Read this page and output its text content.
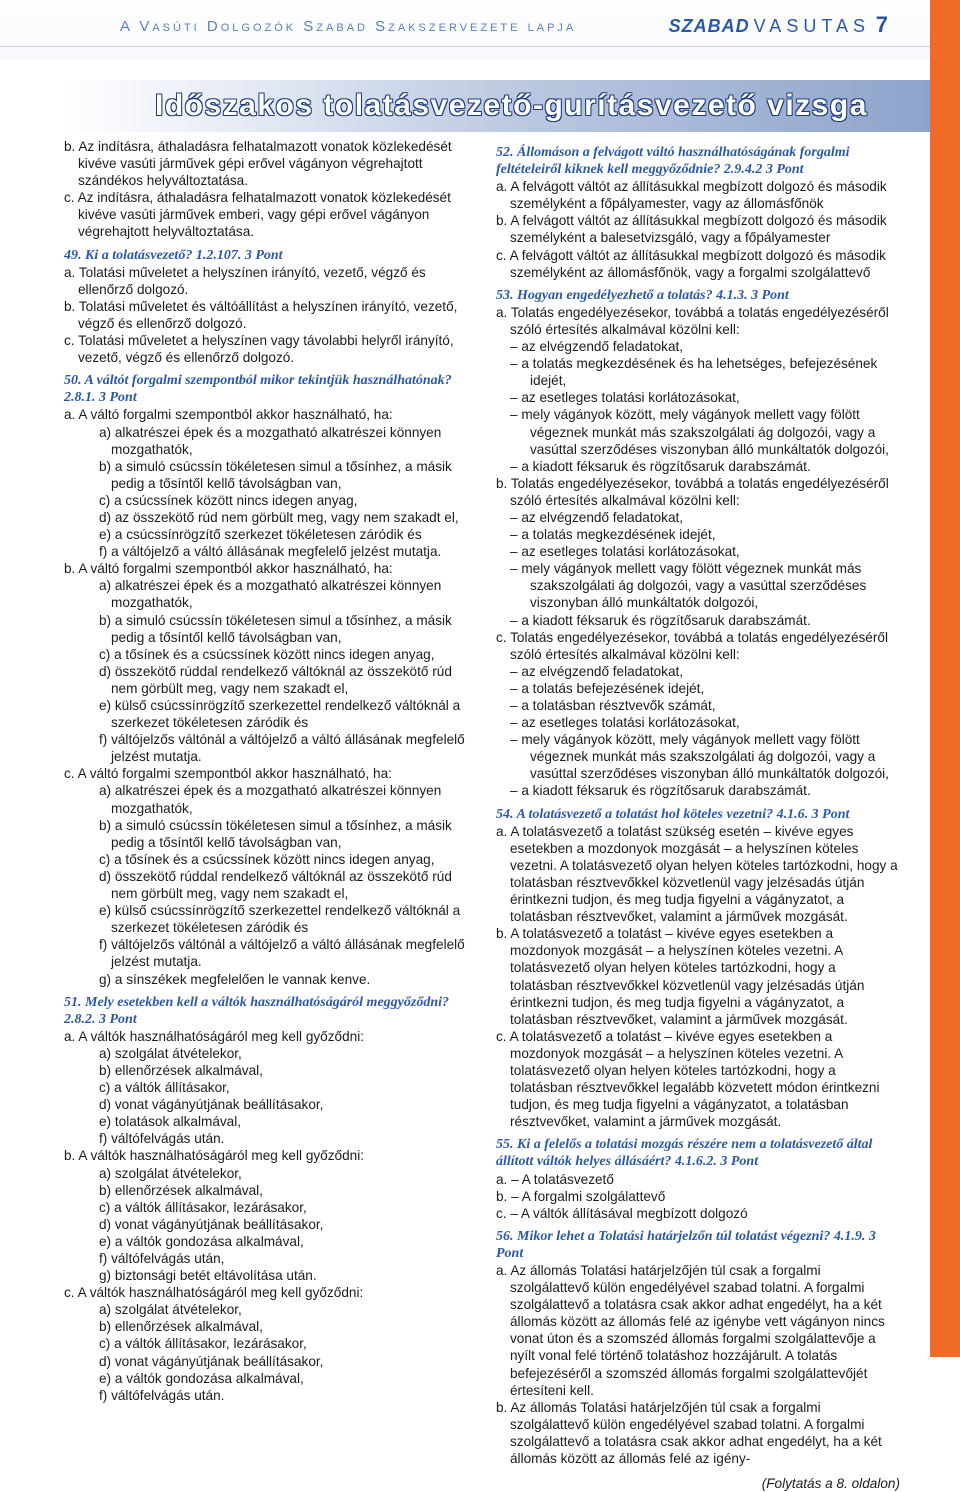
A Vasúti Dolgozók Szabad Szakszervezete lapja	SZABAD VASUTAS 7
Időszakos tolatásvezető-gurításvezető vizsga

b. Az indításra, áthaladásra felhatalmazott vonatok közlekedését kivéve vasúti járművek gépi erővel vágányon végrehajtott szándékos helyváltoztatása.

c. Az indításra, áthaladásra felhatalmazott vonatok közlekedését kivéve vasúti járművek emberi, vagy gépi erővel vágányon végrehajtott helyváltoztatása.

49. Ki a tolatásvezető? 1.2.107. 3 Pont

a. Tolatási műveletet a helyszínen irányító, vezető, végző és ellenőrző dolgozó.

b. Tolatási műveletet és váltóállítást a helyszínen irányító, vezető, végző és ellenőrző dolgozó.

c. Tolatási műveletet a helyszínen vagy távolabbi helyről irányító, vezető, végző és ellenőrző dolgozó.

50. A váltót forgalmi szempontból mikor tekintjük használhatónak? 2.8.1. 3 Pont

a. A váltó forgalmi szempontból akkor használható, ha:

a) alkatrészei épek és a mozgatható alkatrészei könnyen mozgathatók,

b) a simuló csúcssín tökéletesen simul a tősínhez, a másik pedig a tősíntől kellő távolságban van,

c) a csúcssínek között nincs idegen anyag,

d) az összekötő rúd nem görbült meg, vagy nem szakadt el,

e) a csúcssínrögzítő szerkezet tökéletesen záródik és

f) a váltójelző a váltó állásának megfelelő jelzést mutatja.

b. A váltó forgalmi szempontból akkor használható, ha:

a) alkatrészei épek és a mozgatható alkatrészei könnyen mozgathatók,

b) a simuló csúcssín tökéletesen simul a tősínhez, a másik pedig a tősíntől kellő távolságban van,

c) a tősínek és a csúcssínek között nincs idegen anyag,

d) összekötő rúddal rendelkező váltóknál az összekötő rúd nem görbült meg, vagy nem szakadt el,

e) külső csúcssínrögzítő szerkezettel rendelkező váltóknál a szerkezet tökéletesen záródik és

f) váltójelzős váltónál a váltójelző a váltó állásának megfelelő jelzést mutatja.

c. A váltó forgalmi szempontból akkor használható, ha:

a) alkatrészei épek és a mozgatható alkatrészei könnyen mozgathatók,

b) a simuló csúcssín tökéletesen simul a tősínhez, a másik pedig a tősíntől kellő távolságban van,

c) a tősínek és a csúcssínek között nincs idegen anyag,

d) összekötő rúddal rendelkező váltóknál az összekötő rúd nem görbült meg, vagy nem szakadt el,

e) külső csúcssínrögzítő szerkezettel rendelkező váltóknál a szerkezet tökéletesen záródik és

f) váltójelzős váltónál a váltójelző a váltó állásának megfelelő jelzést mutatja.

g) a sínszékek megfelelően le vannak kenve.

51. Mely esetekben kell a váltók használhatóságáról meggyőződni? 2.8.2. 3 Pont

a. A váltók használhatóságáról meg kell győződni:

a) szolgálat átvételekor,

b) ellenőrzések alkalmával,

c) a váltók állításakor,

d) vonat vágányútjának beállításakor,

e) tolatások alkalmával,

f) váltófelvágás után.

b. A váltók használhatóságáról meg kell győződni:

a) szolgálat átvételekor,

b) ellenőrzések alkalmával,

c) a váltók állításakor, lezárásakor,

d) vonat vágányútjának beállításakor,

e) a váltók gondozása alkalmával,

f) váltófelvágás után,

g) biztonsági betét eltávolítása után.

c. A váltók használhatóságáról meg kell győződni:

a) szolgálat átvételekor,

b) ellenőrzések alkalmával,

c) a váltók állításakor, lezárásakor,

d) vonat vágányútjának beállításakor,

e) a váltók gondozása alkalmával,

f) váltófelvágás után.

52. Állomáson a felvágott váltó használhatóságának forgalmi feltételeiről kiknek kell meggyőződnie? 2.9.4.2 3 Pont

a. A felvágott váltót az állításukkal megbízott dolgozó és második személyként a főpályamester, vagy az állomásfőnök

b. A felvágott váltót az állításukkal megbízott dolgozó és második személyként a balesetvizsgáló, vagy a főpályamester

c. A felvágott váltót az állításukkal megbízott dolgozó és második személyként az állomásfőnök, vagy a forgalmi szolgálattevő

53. Hogyan engedélyezhető a tolatás? 4.1.3. 3 Pont

a. Tolatás engedélyezésekor, továbbá a tolatás engedélyezéséről szóló értesítés alkalmával közölni kell:

– az elvégzendő feladatokat,

– a tolatás megkezdésének és ha lehetséges, befejezésének idejét,

– az esetleges tolatási korlátozásokat,

– mely vágányok között, mely vágányok mellett vagy fölött végeznek munkát más szakszolgálati ág dolgozói, vagy a vasúttal szerződéses viszonyban álló munkáltatók dolgozói,

– a kiadott féksaruk és rögzítősaruk darabszámát.

b. Tolatás engedélyezésekor, továbbá a tolatás engedélyezéséről szóló értesítés alkalmával közölni kell:

– az elvégzendő feladatokat,

– a tolatás megkezdésének idejét,

– az esetleges tolatási korlátozásokat,

– mely vágányok mellett vagy fölött végeznek munkát más szakszolgálati ág dolgozói, vagy a vasúttal szerződéses viszonyban álló munkáltatók dolgozói,

– a kiadott féksaruk és rögzítősaruk darabszámát.

c. Tolatás engedélyezésekor, továbbá a tolatás engedélyezéséről szóló értesítés alkalmával közölni kell:

– az elvégzendő feladatokat,

– a tolatás befejezésének idejét,

– a tolatásban résztvevők számát,

– az esetleges tolatási korlátozásokat,

– mely vágányok között, mely vágányok mellett vagy fölött végeznek munkát más szakszolgálati ág dolgozói, vagy a vasúttal szerződéses viszonyban álló munkáltatók dolgozói,

– a kiadott féksaruk és rögzítősaruk darabszámát.

54. A tolatásvezető a tolatást hol köteles vezetni? 4.1.6. 3 Pont

a. A tolatásvezető a tolatást szükség esetén – kivéve egyes esetekben a mozdonyok mozgását – a helyszínen köteles vezetni. A tolatásvezető olyan helyen köteles tartózkodni, hogy a tolatásban résztvevőkkel közvetlenül vagy jelzésadás útján érintkezni tudjon, és meg tudja figyelni a vágányzatot, a tolatásban résztvevőket, valamint a járművek mozgását.

b. A tolatásvezető a tolatást – kivéve egyes esetekben a mozdonyok mozgását – a helyszínen köteles vezetni. A tolatásvezető olyan helyen köteles tartózkodni, hogy a tolatásban résztvevőkkel közvetlenül vagy jelzésadás útján érintkezni tudjon, és meg tudja figyelni a vágányzatot, a tolatásban résztvevőket, valamint a járművek mozgását.

c. A tolatásvezető a tolatást – kivéve egyes esetekben a mozdonyok mozgását – a helyszínen köteles vezetni. A tolatásvezető olyan helyen köteles tartózkodni, hogy a tolatásban résztvevőkkel legalább közvetett módon érintkezni tudjon, és meg tudja figyelni a vágányzatot, a tolatásban résztvevőket, valamint a járművek mozgását.

55. Ki a felelős a tolatási mozgás részére nem a tolatásvezető által állított váltók helyes állásáért? 4.1.6.2. 3 Pont

a. – A tolatásvezető

b. – A forgalmi szolgálattevő

c. – A váltók állításával megbízott dolgozó

56. Mikor lehet a Tolatási határjelzőn túl tolatást végezni? 4.1.9. 3 Pont

a. Az állomás Tolatási határjelzőjén túl csak a forgalmi szolgálattevő külön engedélyével szabad tolatni. A forgalmi szolgálattevő a tolatásra csak akkor adhat engedélyt, ha a két állomás között az állomás felé az igénybe vett vágányon nincs vonat úton és a szomszéd állomás forgalmi szolgálattevője a nyílt vonal felé történő tolatáshoz hozzájárult. A tolatás befejezéséről a szomszéd állomás forgalmi szolgálattevőjét értesíteni kell.

b. Az állomás Tolatási határjelzőjén túl csak a forgalmi szolgálattevő külön engedélyével szabad tolatni. A forgalmi szolgálattevő a tolatásra csak akkor adhat engedélyt, ha a két állomás között az állomás felé az igény-

(Folytatás a 8. oldalon)
